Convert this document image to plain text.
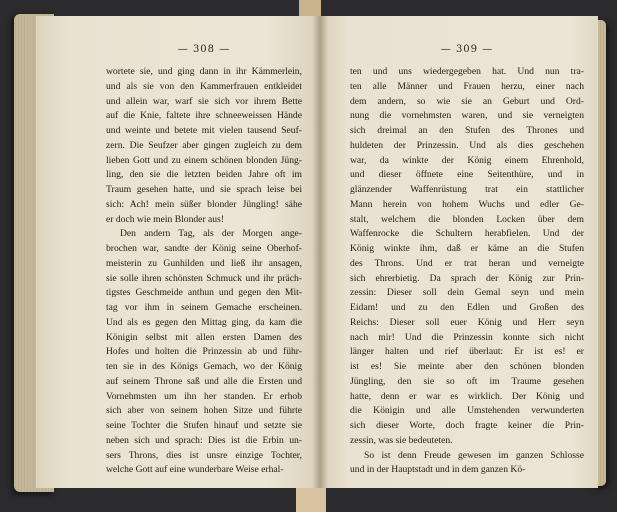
— 308 —
wortete sie, und ging dann in ihr Kämmerlein,
und als sie von den Kammerfrauen entkleidet
und allein war, warf sie sich vor ihrem Bette
auf die Knie, faltete ihre schneeweissen Hände
und weinte und betete mit vielen tausend Seuf-
zern. Die Seufzer aber gingen zugleich zu dem
lieben Gott und zu einem schönen blonden Jüng-
ling, den sie die letzten beiden Jahre oft im
Traum gesehen hatte, und sie sprach leise bei
sich: Ach! mein süßer blonder Jüngling! sähe
er doch wie mein Blonder aus!
Den andern Tag, als der Morgen ange-
brochen war, sandte der König seine Oberhof-
meisterin zu Gunhilden und ließ ihr ansagen,
sie solle ihren schönsten Schmuck und ihr präch-
tigstes Geschmeide anthun und gegen den Mit-
tag vor ihm in seinem Gemache erscheinen.
Und als es gegen den Mittag ging, da kam die
Königin selbst mit allen ersten Damen des
Hofes und holten die Prinzessin ab und führ-
ten sie in des Königs Gemach, wo der König
auf seinem Throne saß und alle die Ersten und
Vornehmsten um ihn her standen. Er erhob
sich aber von seinem hohen Sitze und führte
seine Tochter die Stufen hinauf und setzte sie
neben sich und sprach: Dies ist die Erbin un-
sers Throns, dies ist unsre einzige Tochter,
welche Gott auf eine wunderbare Weise erhal-
— 309 —
ten und uns wiedergegeben hat. Und nun tra-
ten alle Männer und Frauen herzu, einer nach
dem andern, so wie sie an Geburt und Ord-
nung die vornehmsten waren, und sie verneigten
sich dreimal an den Stufen des Thrones und
huldeten der Prinzessin. Und als dies geschehen
war, da winkte der König einem Ehrenhold,
und dieser öffnete eine Seitenthüre, und in
glänzender Waffenrüstung trat ein stattlicher
Mann herein von hohem Wuchs und edler Ge-
stalt, welchem die blonden Locken über dem
Waffenrocke die Schultern herabfielen. Und der
König winkte ihm, daß er käme an die Stufen
des Throns. Und er trat heran und verneigte
sich ehrerbietig. Da sprach der König zur Prin-
zessin: Dieser soll dein Gemal seyn und mein
Eidam! und zu den Edlen und Großen des
Reichs: Dieser soll euer König und Herr seyn
nach mir! Und die Prinzessin konnte sich nicht
länger halten und rief überlaut: Er ist es! er
ist es! Sie meinte aber den schönen blonden
Jüngling, den sie so oft im Traume gesehen
hatte, denn er war es wirklich. Der König und
die Königin und alle Umstehenden verwunderten
sich dieser Worte, doch fragte keiner die Prin-
zessin, was sie bedeuteten.
So ist denn Freude gewesen im ganzen Schlosse
und in der Hauptstadt und in dem ganzen Kö-
